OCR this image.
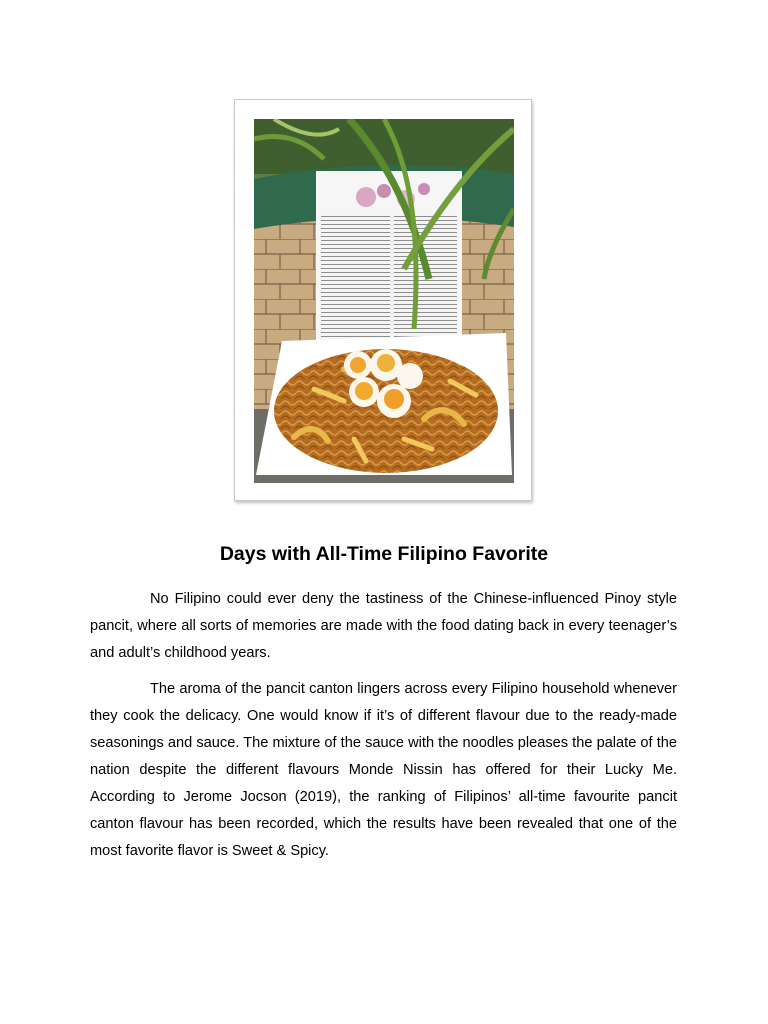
Days with All-Time Filipino Favorite

No Filipino could ever deny the tastiness of the Chinese-influenced Pinoy style pancit, where all sorts of memories are made with the food dating back in every teenager’s and adult’s childhood years.

The aroma of the pancit canton lingers across every Filipino household whenever they cook the delicacy. One would know if it’s of different flavour due to the ready-made seasonings and sauce. The mixture of the sauce with the noodles pleases the palate of the nation despite the different flavours Monde Nissin has offered for their Lucky Me. According to Jerome Jocson (2019), the ranking of Filipinos’ all-time favourite pancit canton flavour has been recorded, which the results have been revealed that one of the most favorite flavor is Sweet & Spicy.
